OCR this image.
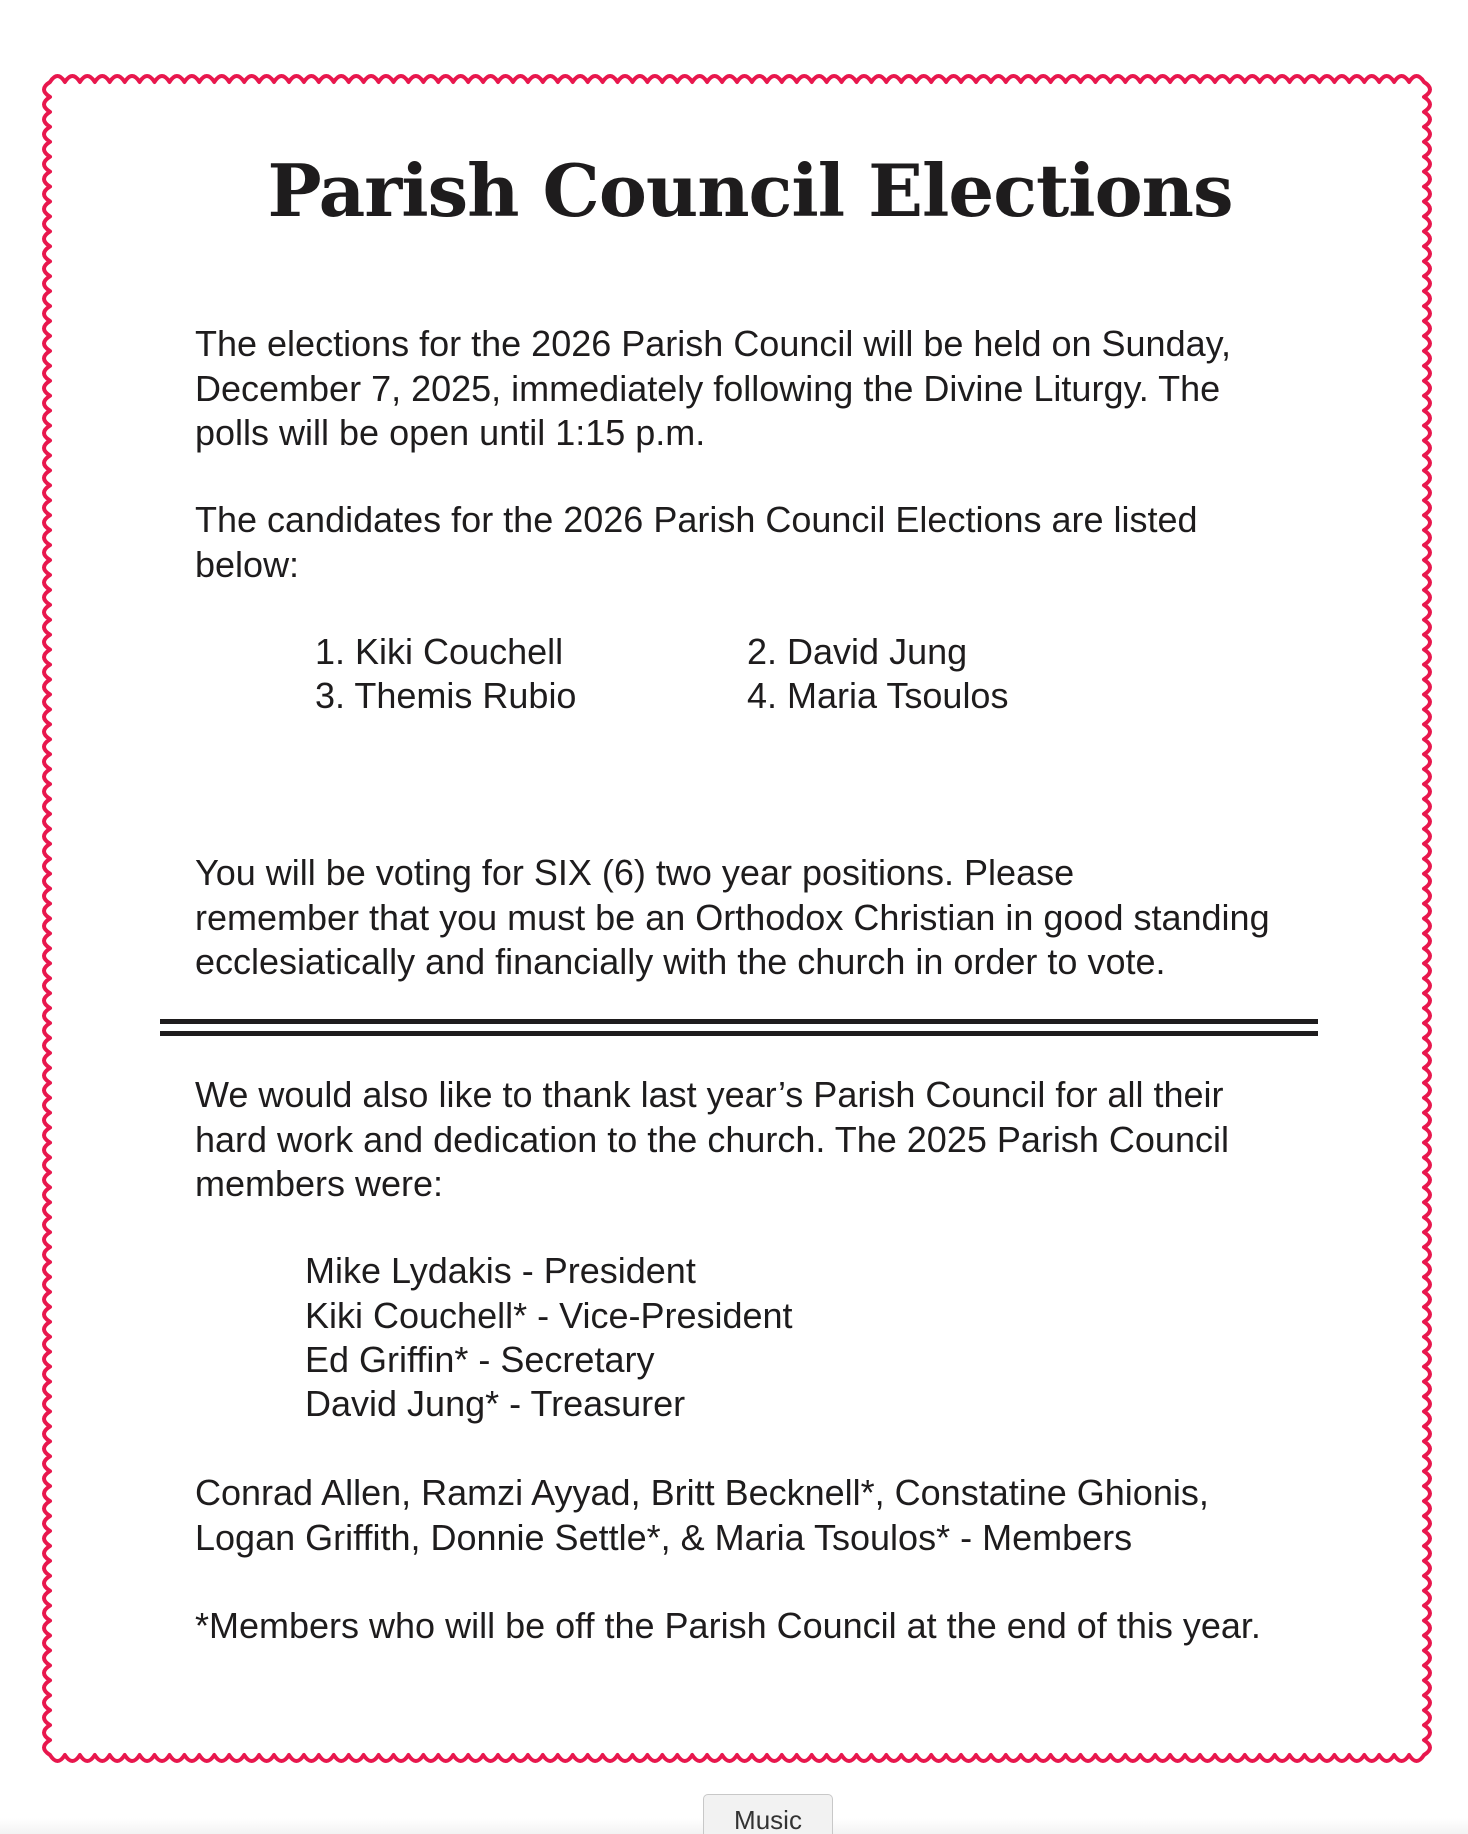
Parish Council Elections
The elections for the 2026 Parish Council will be held on Sunday,
December 7, 2025, immediately following the Divine Liturgy. The
polls will be open until 1:15 p.m.
The candidates for the 2026 Parish Council Elections are listed
below:
1. Kiki Couchell	2. David Jung
3. Themis Rubio	4. Maria Tsoulos
You will be voting for SIX (6) two year positions. Please
remember that you must be an Orthodox Christian in good standing
ecclesiatically and financially with the church in order to vote.
We would also like to thank last year’s Parish Council for all their
hard work and dedication to the church. The 2025 Parish Council
members were:
Mike Lydakis - President
Kiki Couchell* - Vice-President
Ed Griffin* - Secretary
David Jung* - Treasurer
Conrad Allen, Ramzi Ayyad, Britt Becknell*, Constatine Ghionis,
Logan Griffith, Donnie Settle*, & Maria Tsoulos* - Members
*Members who will be off the Parish Council at the end of this year.
Music
